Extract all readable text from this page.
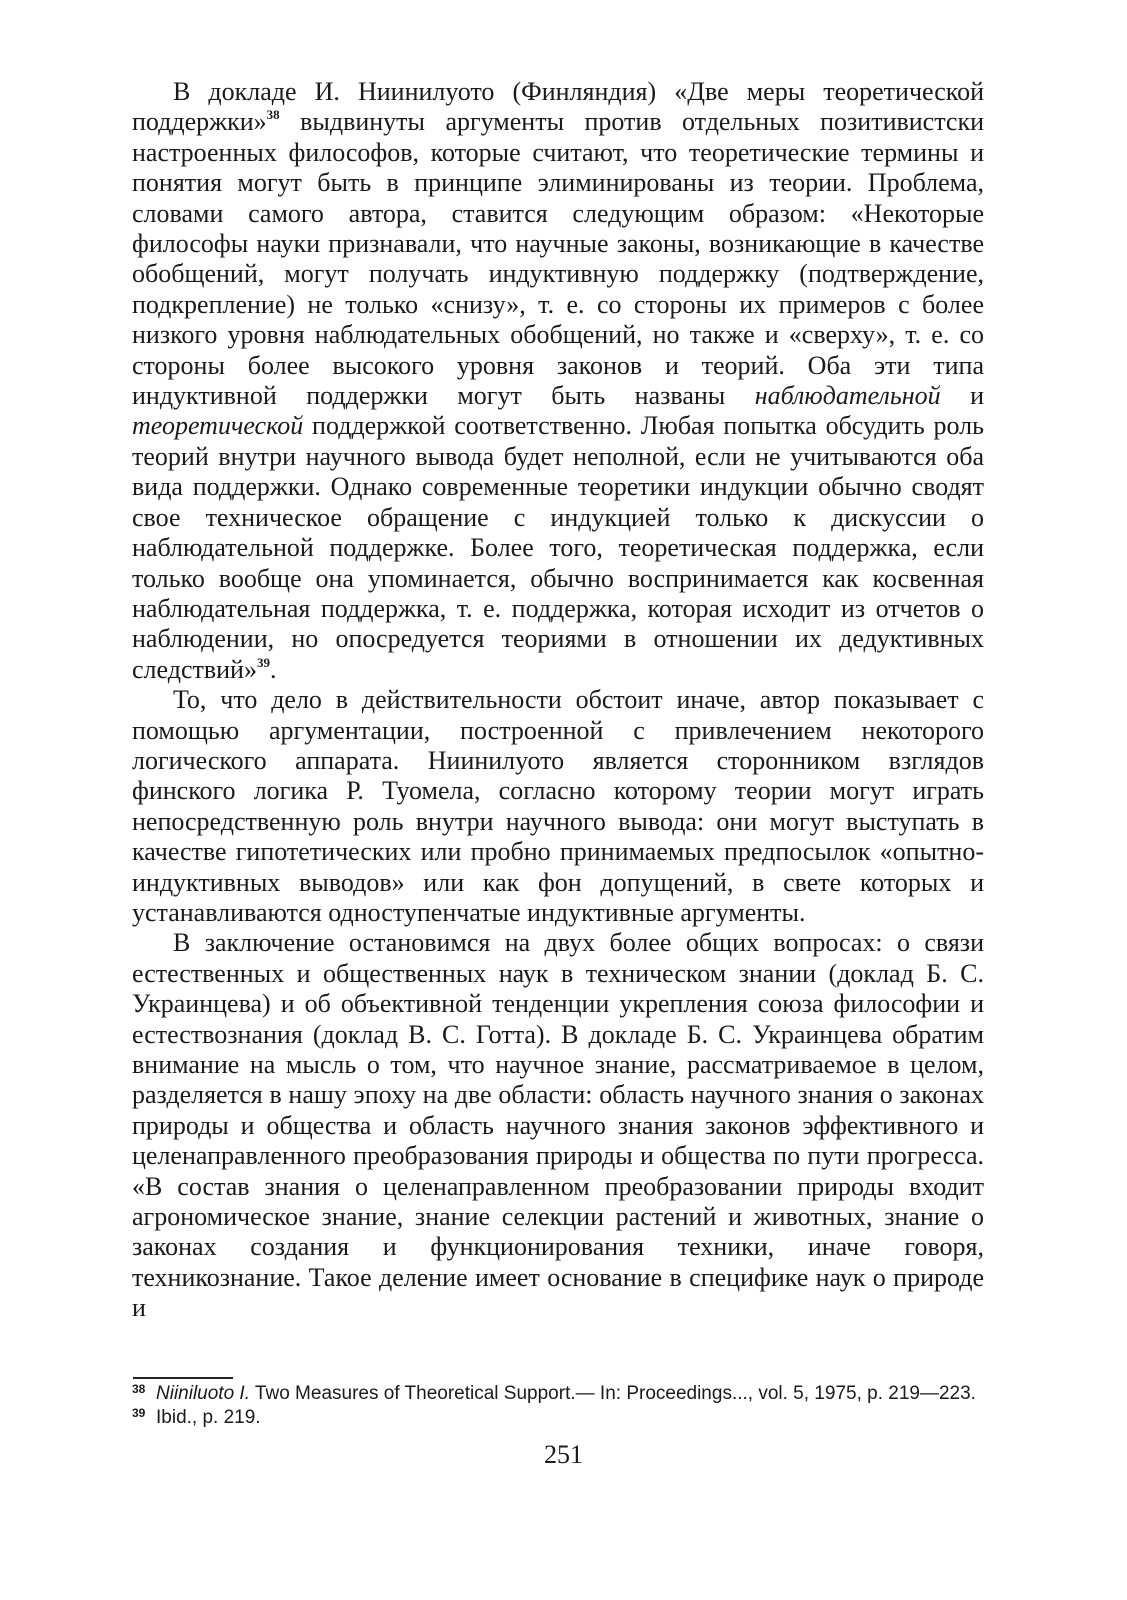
В докладе И. Ниинилуото (Финляндия) «Две меры теоретической поддержки»$^{38}$ выдвинуты аргументы против отдельных позитивистски настроенных философов, которые считают, что теоретические термины и понятия могут быть в принципе элиминированы из теории. Проблема, словами самого автора, ставится следующим образом: «Некоторые философы науки признавали, что научные законы, возникающие в качестве обобщений, могут получать индуктивную поддержку (подтверждение, подкрепление) не только «снизу», т. е. со стороны их примеров с более низкого уровня наблюдательных обобщений, но также и «сверху», т. е. со стороны более высокого уровня законов и теорий. Оба эти типа индуктивной поддержки могут быть названы наблюдательной и теоретической поддержкой соответственно. Любая попытка обсудить роль теорий внутри научного вывода будет неполной, если не учитываются оба вида поддержки. Однако современные теоретики индукции обычно сводят свое техническое обращение с индукцией только к дискуссии о наблюдательной поддержке. Более того, теоретическая поддержка, если только вообще она упоминается, обычно воспринимается как косвенная наблюдательная поддержка, т. е. поддержка, которая исходит из отчетов о наблюдении, но опосредуется теориями в отношении их дедуктивных следствий»$^{39}$.

То, что дело в действительности обстоит иначе, автор показывает с помощью аргументации, построенной с привлечением некоторого логического аппарата. Ниинилуото является сторонником взглядов финского логика Р. Туомела, согласно которому теории могут играть непосредственную роль внутри научного вывода: они могут выступать в качестве гипотетических или пробно принимаемых предпосылок «опытно-индуктивных выводов» или как фон допущений, в свете которых и устанавливаются одноступенчатые индуктивные аргументы.

В заключение остановимся на двух более общих вопросах: о связи естественных и общественных наук в техническом знании (доклад Б. С. Украинцева) и об объективной тенденции укрепления союза философии и естествознания (доклад В. С. Готта). В докладе Б. С. Украинцева обратим внимание на мысль о том, что научное знание, рассматриваемое в целом, разделяется в нашу эпоху на две области: область научного знания о законах природы и общества и область научного знания законов эффективного и целенаправленного преобразования природы и общества по пути прогресса. «В состав знания о целенаправленном преобразовании природы входит агрономическое знание, знание селекции растений и животных, знание о законах создания и функционирования техники, иначе говоря, техникознание. Такое деление имеет основание в специфике наук о природе и

38 Niiniluoto I. Two Measures of Theoretical Support.— In: Proceedings..., vol. 5, 1975, p. 219—223.

39 Ibid., p. 219.

251
